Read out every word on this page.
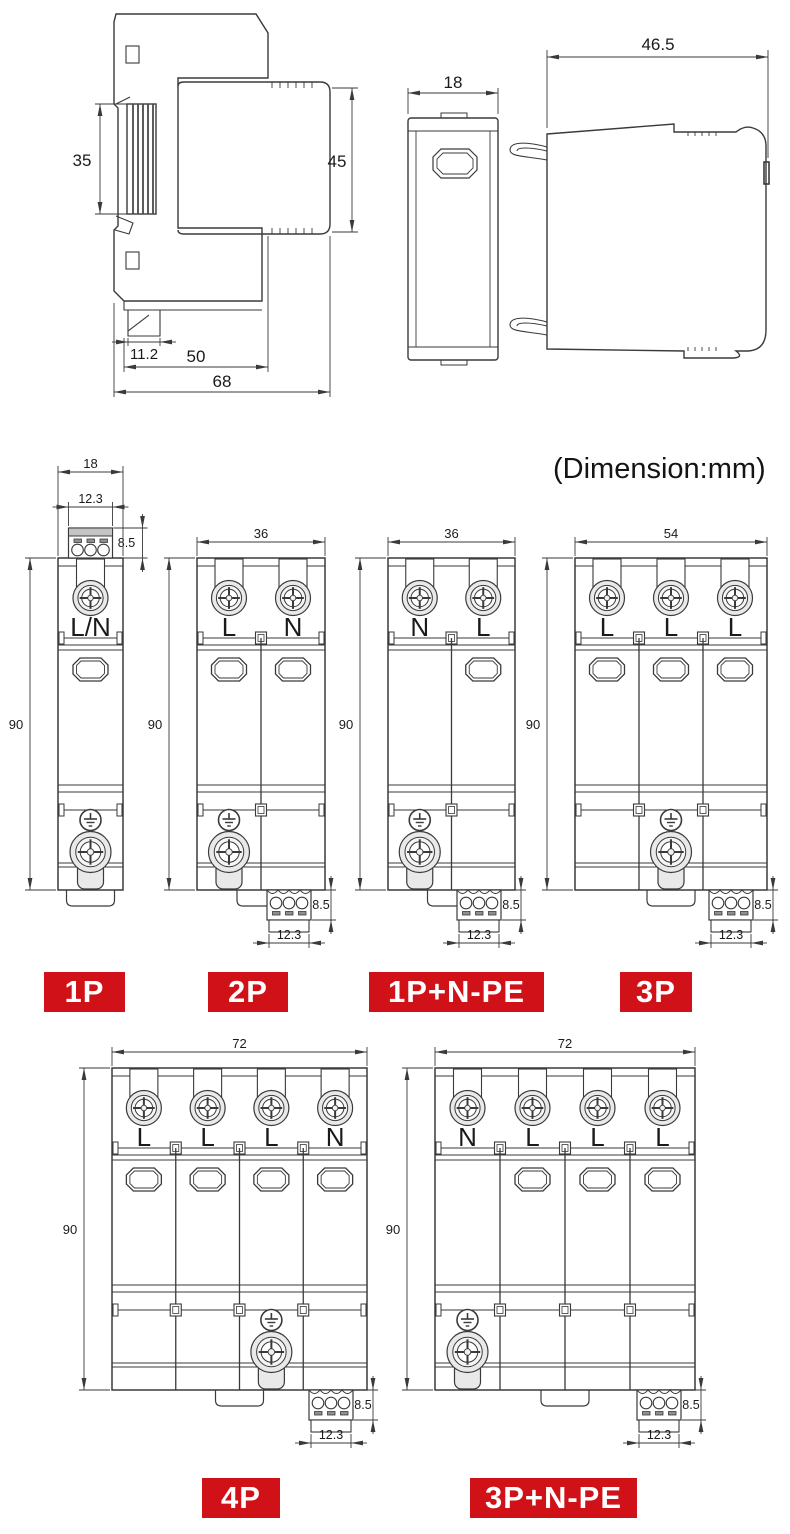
35	45
11.2 50
68
18
46.5
L/N
90
8.5
12.3
18
L N
90
8.5
12.3
36
N L
90
8.5
12.3
36
L L L
90
8.5
12.3
54
L L L N
90
8.5
12.3
72
N L L L
90
8.5
12.3
72
(Dimension:mm)
1P	2P	1P+N-PE	3P
4P	3P+N-PE
